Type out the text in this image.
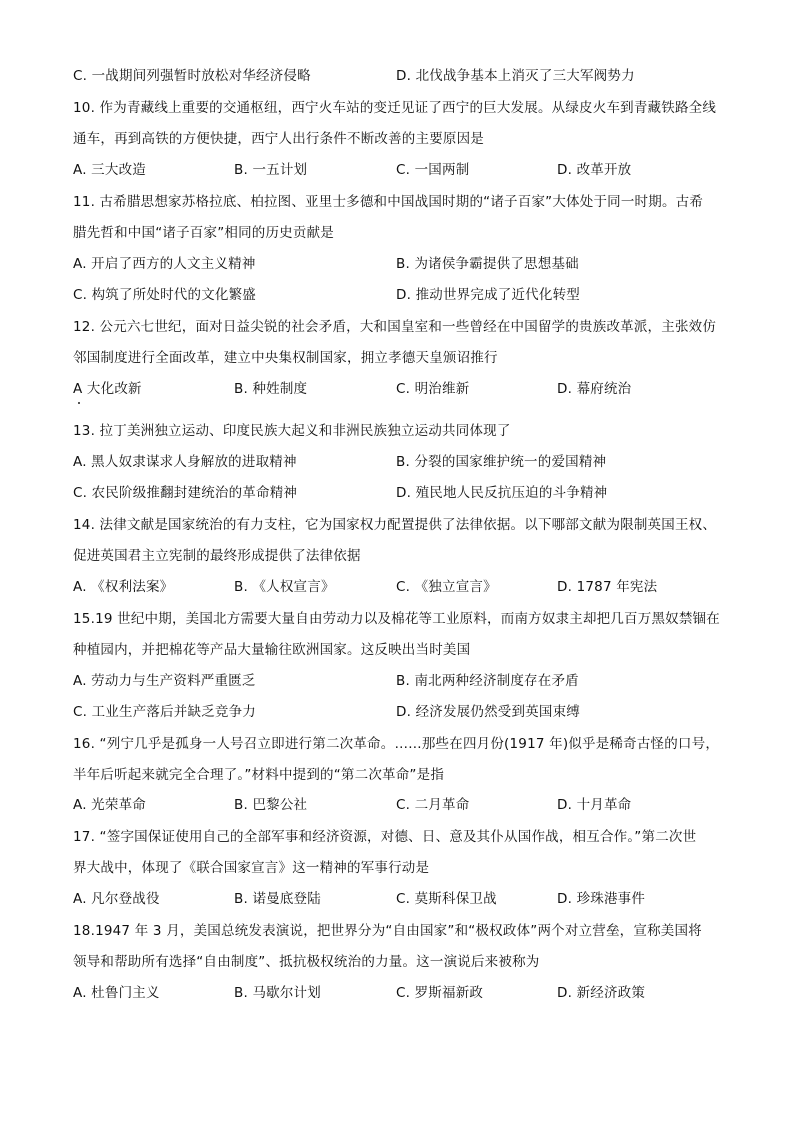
C. 一战期间列强暂时放松对华经济侵略	D. 北伐战争基本上消灭了三大军阀势力
10. 作为青藏线上重要的交通枢纽，西宁火车站的变迁见证了西宁的巨大发展。从绿皮火车到青藏铁路全线
通车，再到高铁的方便快捷，西宁人出行条件不断改善的主要原因是
A. 三大改造	B. 一五计划	C. 一国两制	D. 改革开放
11. 古希腊思想家苏格拉底、柏拉图、亚里士多德和中国战国时期的“诸子百家”大体处于同一时期。古希
腊先哲和中国“诸子百家”相同的历史贡献是
A. 开启了西方的人文主义精神	B. 为诸侯争霸提供了思想基础
C. 构筑了所处时代的文化繁盛	D. 推动世界完成了近代化转型
12. 公元六七世纪，面对日益尖锐的社会矛盾，大和国皇室和一些曾经在中国留学的贵族改革派，主张效仿
邻国制度进行全面改革，建立中央集权制国家，拥立孝德天皇颁诏推行
A 大化改新	B. 种姓制度	C. 明治维新	D. 幕府统治
13. 拉丁美洲独立运动、印度民族大起义和非洲民族独立运动共同体现了
A. 黑人奴隶谋求人身解放的进取精神	B. 分裂的国家维护统一的爱国精神
C. 农民阶级推翻封建统治的革命精神	D. 殖民地人民反抗压迫的斗争精神
14. 法律文献是国家统治的有力支柱，它为国家权力配置提供了法律依据。以下哪部文献为限制英国王权、
促进英国君主立宪制的最终形成提供了法律依据
A. 《权利法案》	B. 《人权宣言》	C. 《独立宣言》	D. 1787 年宪法
15.19 世纪中期，美国北方需要大量自由劳动力以及棉花等工业原料，而南方奴隶主却把几百万黑奴禁锢在
种植园内，并把棉花等产品大量输往欧洲国家。这反映出当时美国
A. 劳动力与生产资料严重匮乏	B. 南北两种经济制度存在矛盾
C. 工业生产落后并缺乏竞争力	D. 经济发展仍然受到英国束缚
16. “列宁几乎是孤身一人号召立即进行第二次革命。……那些在四月份(1917 年)似乎是稀奇古怪的口号，
半年后听起来就完全合理了。”材料中提到的“第二次革命”是指
A. 光荣革命	B. 巴黎公社	C. 二月革命	D. 十月革命
17. “签字国保证使用自己的全部军事和经济资源，对德、日、意及其仆从国作战，相互合作。”第二次世
界大战中，体现了《联合国家宣言》这一精神的军事行动是
A. 凡尔登战役	B. 诺曼底登陆	C. 莫斯科保卫战	D. 珍珠港事件
18.1947 年 3 月，美国总统发表演说，把世界分为“自由国家”和“极权政体”两个对立营垒，宣称美国将
领导和帮助所有选择“自由制度”、抵抗极权统治的力量。这一演说后来被称为
A. 杜鲁门主义	B. 马歇尔计划	C. 罗斯福新政	D. 新经济政策
